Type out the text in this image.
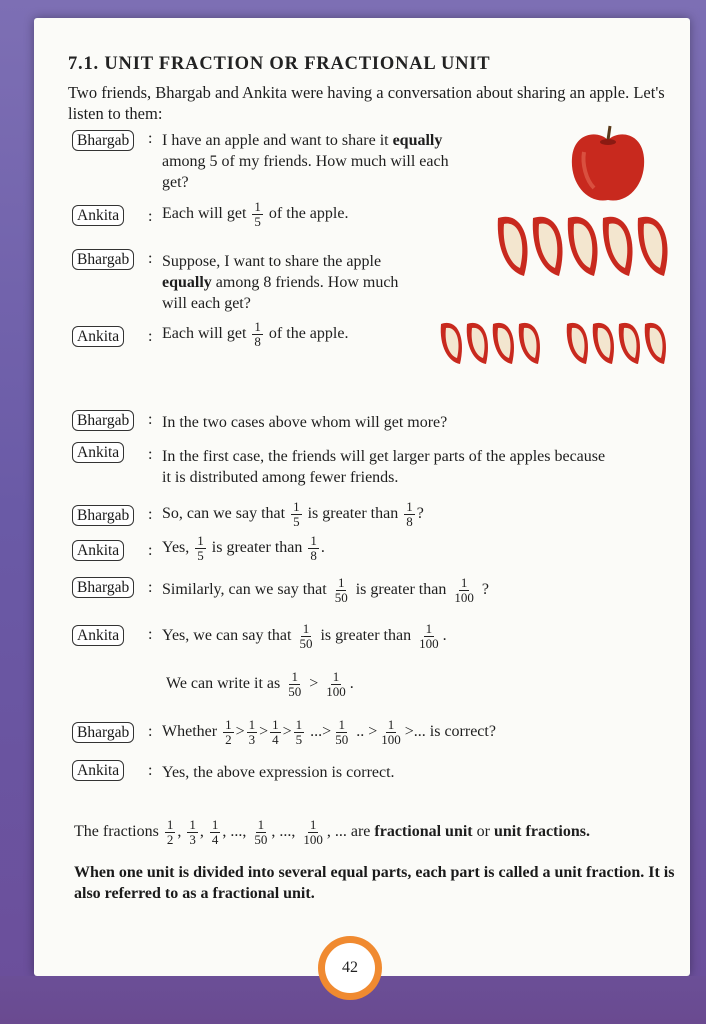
7.1. UNIT FRACTION OR FRACTIONAL UNIT
Two friends, Bhargab and Ankita were having a conversation about sharing an apple. Let's listen to them:
Bhargab	: I have an apple and want to share it equally
among 5 of my friends. How much will each
get?
Ankita	: Each will get $\frac{1}{5}$ of the apple.
Bhargab	: Suppose, I want to share the apple
equally among 8 friends. How much
will each get?
Ankita	: Each will get $\frac{1}{8}$ of the apple.
Bhargab	: In the two cases above whom will get more?
Ankita	: In the first case, the friends will get larger parts of the apples because
it is distributed among fewer friends.
Bhargab	: So, can we say that $\frac{1}{5}$ is greater than $\frac{1}{8}$ ?
Ankita	: Yes, $\frac{1}{5}$ is greater than $\frac{1}{8}$ .
Bhargab	: Similarly, can we say that $\frac{1}{50}$ is greater than $\frac{1}{100}$ ?
Ankita	: Yes, we can say that $\frac{1}{50}$ is greater than $\frac{1}{100}$ .
We can write it as $\frac{1}{50} > \frac{1}{100}$ .
Bhargab	: Whether $\frac{1}{2} > \frac{1}{3} > \frac{1}{4} > \frac{1}{5}$ ...> $\frac{1}{50}$ .. > $\frac{1}{100}$ >... is correct?
Ankita	: Yes, the above expression is correct.
The fractions $\frac{1}{2}$ , $\frac{1}{3}$ , $\frac{1}{4}$ , ..., $\frac{1}{50}$ , ..., $\frac{1}{100}$ , ... are fractional unit or unit fractions.
When one unit is divided into several equal parts, each part is called a unit fraction. It is also referred to as a fractional unit.
42
